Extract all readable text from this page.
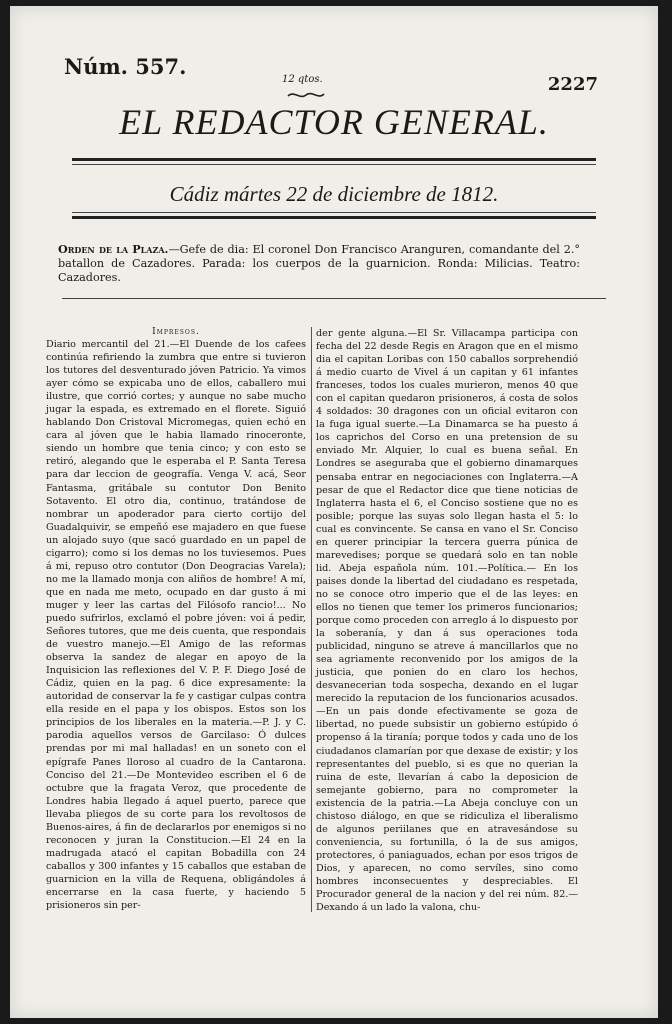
Núm. 557.
12 qtos.	2227
EL REDACTOR GENERAL.
Cádiz mártes 22 de diciembre de 1812.
Orden de la Plaza.—Gefe de dia: El coronel Don Francisco Aranguren, comandante del 2.° batallon de Cazadores. Parada: los cuerpos de la guarnicion. Ronda: Milicias. Teatro: Cazadores.
Impresos.
Diario mercantil del 21.—El Duende de los cafees continúa refiriendo la zumbra que entre si tuvieron los tutores del desventurado jóven Patricio. Ya vimos ayer cómo se expicaba uno de ellos, caballero mui ilustre, que corrió cortes; y aunque no sabe mucho jugar la espada, es extremado en el florete. Siguió hablando Don Cristoval Micromegas, quien echó en cara al jóven que le habia llamado rinoceronte, siendo un hombre que tenia cinco; y con esto se retiró, alegando que le esperaba el P. Santa Teresa para dar leccion de geografía. Venga V. acá, Seor Fantasma, gritábale su contutor Don Benito Sotavento. El otro dia, continuo, tratándose de nombrar un apoderador para cierto cortijo del Guadalquivir, se empeñó ese majadero en que fuese un alojado suyo (que sacó guardado en un papel de cigarro); como si los demas no los tuviesemos. Pues á mi, repuso otro contutor (Don Deogracias Varela); no me la llamado monja con aliños de hombre! A mí, que en nada me meto, ocupado en dar gusto á mi muger y leer las cartas del Filósofo rancio!... No puedo sufrirlos, exclamó el pobre jóven: voi á pedir, Señores tutores, que me deis cuenta, que respondais de vuestro manejo.—El Amigo de las reformas observa la sandez de alegar en apoyo de la Inquisicion las reflexiones del V. P. F. Diego José de Cádiz, quien en la pag. 6 dice expresamente: la autoridad de conservar la fe y castigar culpas contra ella reside en el papa y los obispos. Estos son los principios de los liberales en la materia.—P. J. y C. parodia aquellos versos de Garcilaso: Ó dulces prendas por mi mal halladas! en un soneto con el epígrafe Panes lloroso al cuadro de la Cantarona. Conciso del 21.—De Montevideo escriben el 6 de octubre que la fragata Veroz, que procedente de Londres habia llegado á aquel puerto, parece que llevaba pliegos de su corte para los revoltosos de Buenos-aires, á fin de declararlos por enemigos si no reconocen y juran la Constitucion.—El 24 en la madrugada atacó el capitan Bobadilla con 24 caballos y 300 infantes y 15 caballos que estaban de guarnicion en la villa de Requena, obligándoles á encerrarse en la casa fuerte, y haciendo 5 prisioneros sin per-
der gente alguna.—El Sr. Villacampa participa con fecha del 22 desde Regis en Aragon que en el mismo dia el capitan Loribas con 150 caballos sorprehendió á medio cuarto de Vivel á un capitan y 61 infantes franceses, todos los cuales murieron, menos 40 que con el capitan quedaron prisioneros, á costa de solos 4 soldados: 30 dragones con un oficial evitaron con la fuga igual suerte.—La Dinamarca se ha puesto á los caprichos del Corso en una pretension de su enviado Mr. Alquier, lo cual es buena señal. En Londres se aseguraba que el gobierno dinamarques pensaba entrar en negociaciones con Inglaterra.—A pesar de que el Redactor dice que tiene noticias de Inglaterra hasta el 6, el Conciso sostiene que no es posible; porque las suyas solo llegan hasta el 5: lo cual es convincente. Se cansa en vano el Sr. Conciso en querer principiar la tercera guerra púnica de marevedises; porque se quedará solo en tan noble lid. Abeja española núm. 101.—Política.— En los paises donde la libertad del ciudadano es respetada, no se conoce otro imperio que el de las leyes: en ellos no tienen que temer los primeros funcionarios; porque como proceden con arreglo á lo dispuesto por la soberanía, y dan á sus operaciones toda publicidad, ninguno se atreve á mancillarlos que no sea agriamente reconvenido por los amigos de la justicia, que ponien do en claro los hechos, desvanecerian toda sospecha, dexando en el lugar merecido la reputacion de los funcionarios acusados.—En un pais donde efectivamente se goza de libertad, no puede subsistir un gobierno estúpido ó propenso á la tiranía; porque todos y cada uno de los ciudadanos clamarían por que dexase de existir; y los representantes del pueblo, si es que no querian la ruina de este, llevarían á cabo la deposicion de semejante gobierno, para no comprometer la existencia de la patria.—La Abeja concluye con un chistoso diálogo, en que se ridiculiza el liberalismo de algunos periilanes que en atravesándose su conveniencia, su fortunilla, ó la de sus amigos, protectores, ó paniaguados, echan por esos trigos de Dios, y aparecen, no como servíles, sino como hombres inconsecuentes y despreciables. El Procurador general de la nacion y del rei núm. 82.— Dexando á un lado la valona, chu-
